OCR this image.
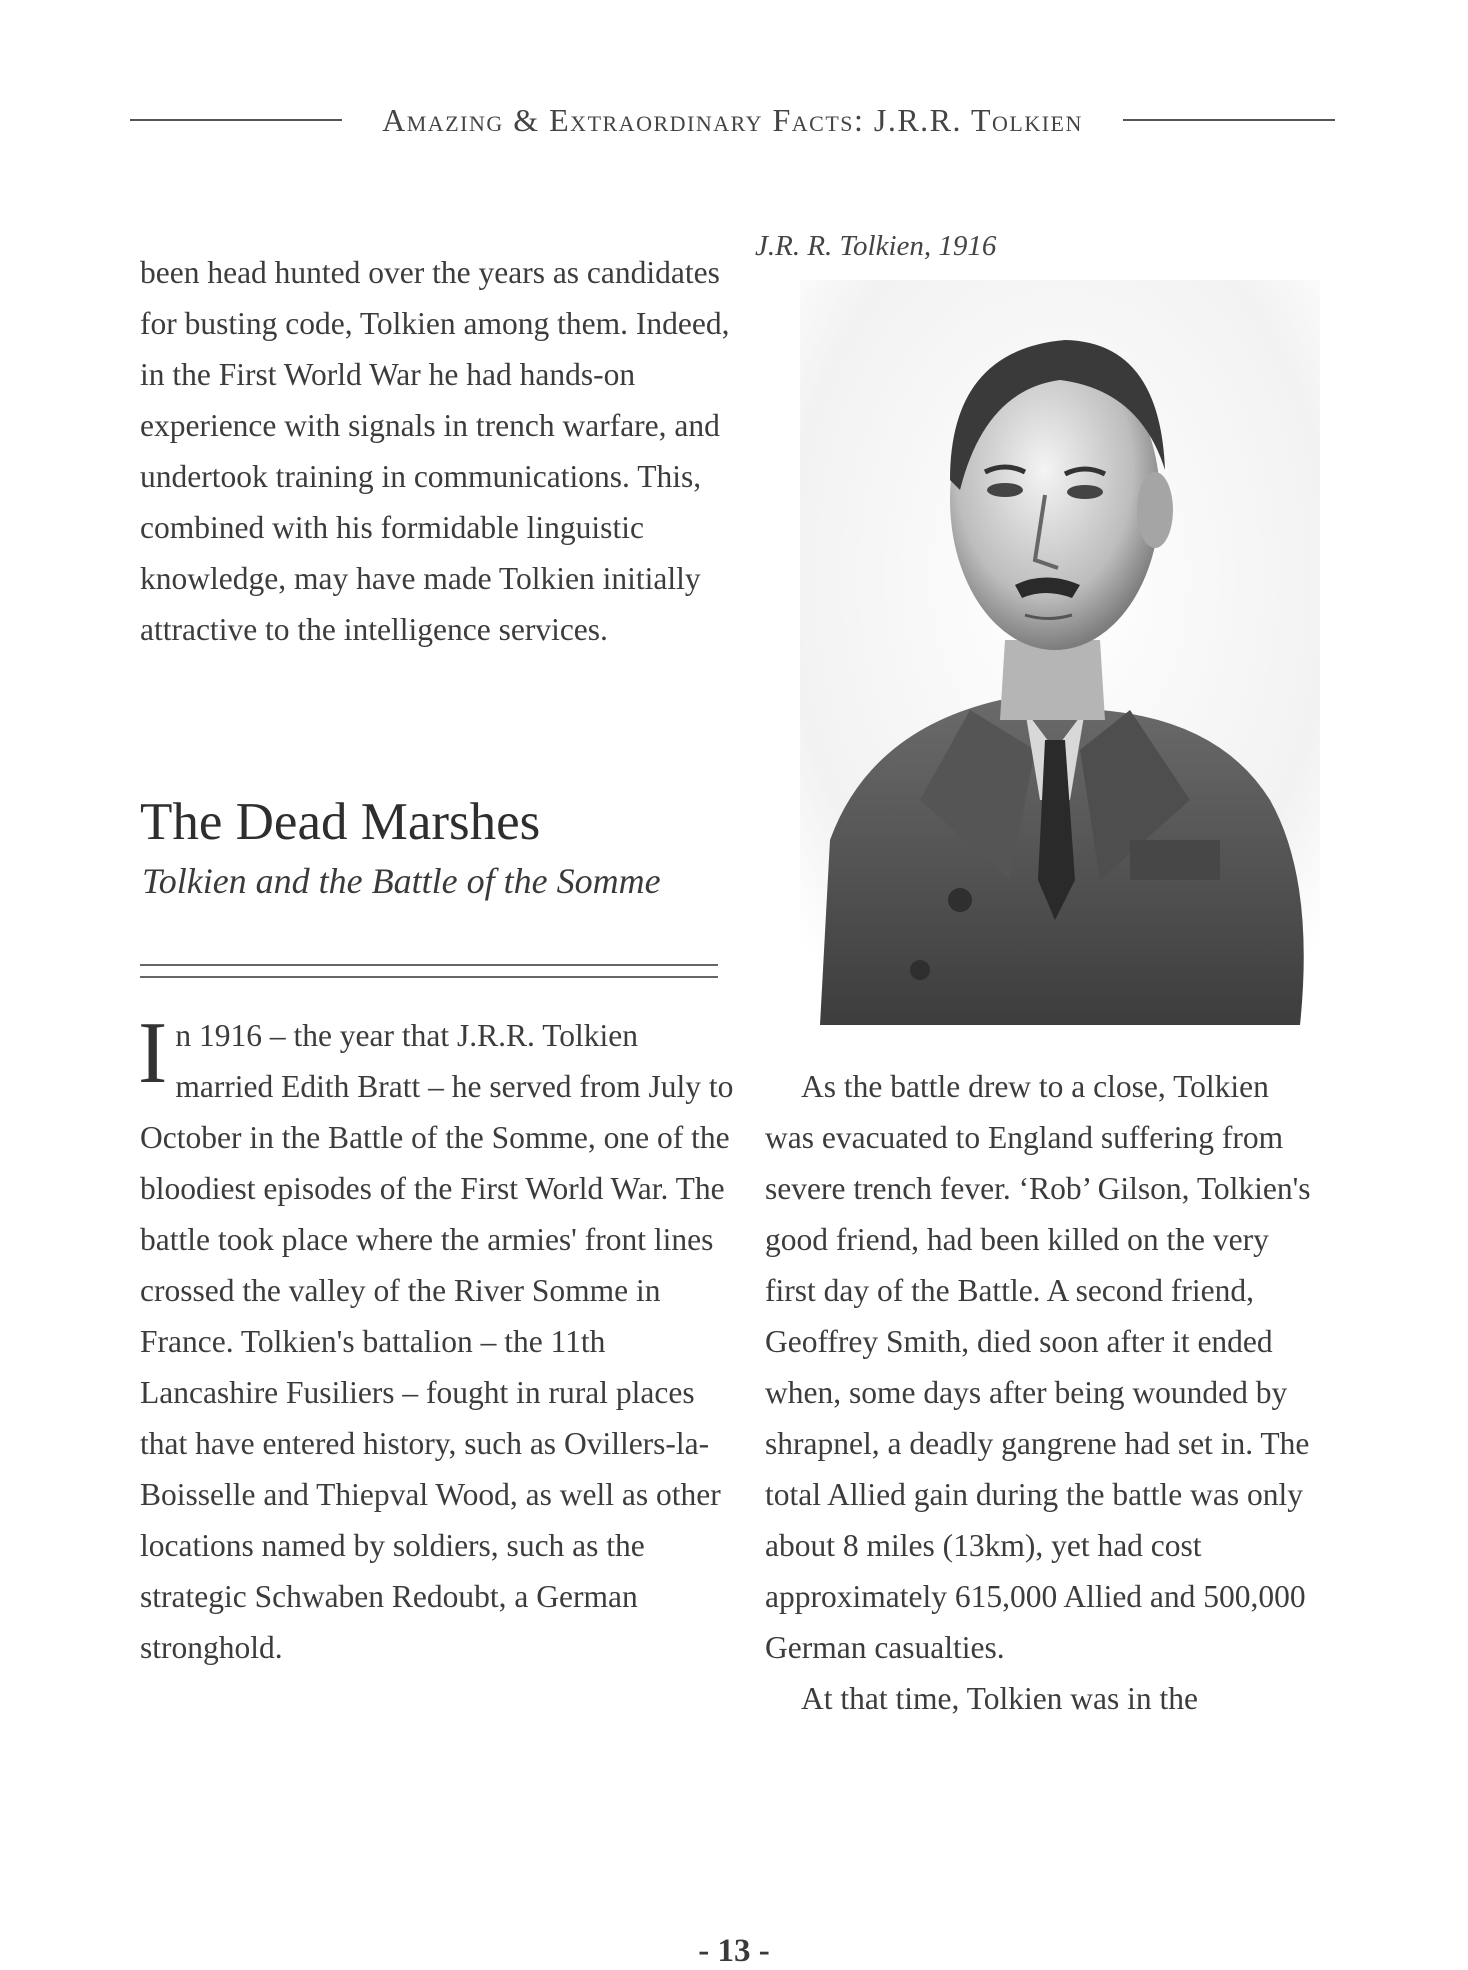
Amazing & Extraordinary Facts: J.R.R. Tolkien

been head hunted over the years as candidates for busting code, Tolkien among them. Indeed, in the First World War he had hands-on experience with signals in trench warfare, and undertook training in communications. This, combined with his formidable linguistic knowledge, may have made Tolkien initially attractive to the intelligence services.

The Dead Marshes
Tolkien and the Battle of the Somme
I n 1916 – the year that J.R.R. Tolkien married Edith Bratt – he served from July to October in the Battle of the Somme, one of the bloodiest episodes of the First World War. The battle took place where the armies' front lines crossed the valley of the River Somme in France. Tolkien's battalion – the 11th Lancashire Fusiliers – fought in rural places that have entered history, such as Ovillers-la-Boisselle and Thiepval Wood, as well as other locations named by soldiers, such as the strategic Schwaben Redoubt, a German stronghold.

J.R. R. Tolkien, 1916

As the battle drew to a close, Tolkien was evacuated to England suffering from severe trench fever. ‘Rob’ Gilson, Tolkien's good friend, had been killed on the very first day of the Battle. A second friend, Geoffrey Smith, died soon after it ended when, some days after being wounded by shrapnel, a deadly gangrene had set in. The total Allied gain during the battle was only about 8 miles (13km), yet had cost approximately 615,000 Allied and 500,000 German casualties.

At that time, Tolkien was in the

- 13 -
